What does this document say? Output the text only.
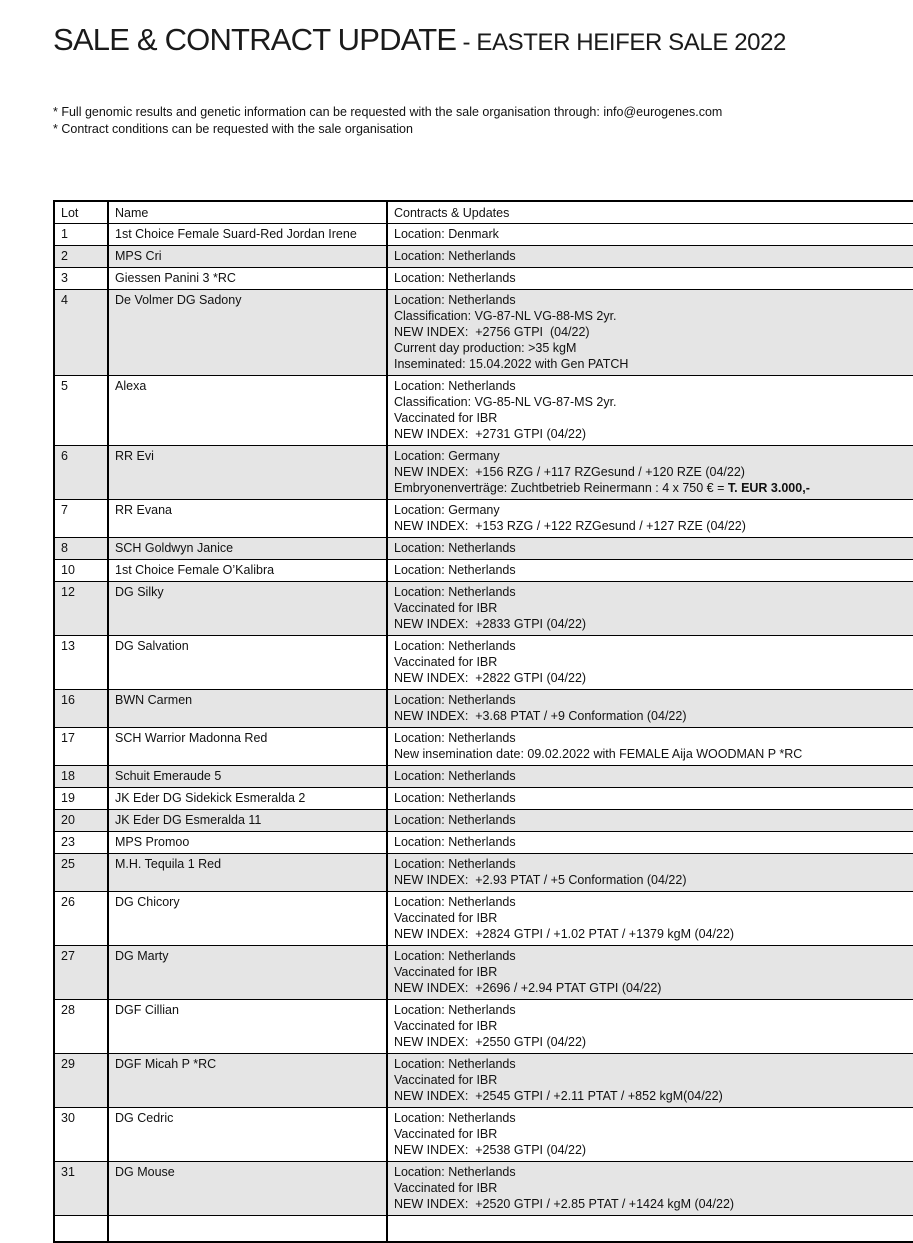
SALE & CONTRACT UPDATE - EASTER HEIFER SALE 2022
* Full genomic results and genetic information can be requested with the sale organisation through: info@eurogenes.com
* Contract conditions can be requested with the sale organisation
Lot	Name	Contracts & Updates
1	1st Choice Female Suard-Red Jordan Irene	Location: Denmark

2	MPS Cri	Location: Netherlands

3	Giessen Panini 3 *RC	Location: Netherlands

4	De Volmer DG Sadony	Location: Netherlands
Classification: VG-87-NL VG-88-MS 2yr.
NEW INDEX:  +2756 GTPI  (04/22)
Current day production: >35 kgM
Inseminated: 15.04.2022 with Gen PATCH

5	Alexa	Location: Netherlands
Classification: VG-85-NL VG-87-MS 2yr.
Vaccinated for IBR
NEW INDEX:  +2731 GTPI (04/22)

6	RR Evi	Location: Germany
NEW INDEX:  +156 RZG / +117 RZGesund / +120 RZE (04/22)
Embryonenverträge: Zuchtbetrieb Reinermann : 4 x 750 € = T. EUR 3.000,-

7	RR Evana	Location: Germany
NEW INDEX:  +153 RZG / +122 RZGesund / +127 RZE (04/22)

8	SCH Goldwyn Janice	Location: Netherlands

10	1st Choice Female O’Kalibra	Location: Netherlands

12	DG Silky	Location: Netherlands
Vaccinated for IBR
NEW INDEX:  +2833 GTPI (04/22)

13	DG Salvation	Location: Netherlands
Vaccinated for IBR
NEW INDEX:  +2822 GTPI (04/22)

16	BWN Carmen	Location: Netherlands
NEW INDEX:  +3.68 PTAT / +9 Conformation (04/22)

17	SCH Warrior Madonna Red	Location: Netherlands
New insemination date: 09.02.2022 with FEMALE Aija WOODMAN P *RC

18	Schuit Emeraude 5	Location: Netherlands

19	JK Eder DG Sidekick Esmeralda 2	Location: Netherlands

20	JK Eder DG Esmeralda 11	Location: Netherlands

23	MPS Promoo	Location: Netherlands

25	M.H. Tequila 1 Red	Location: Netherlands
NEW INDEX:  +2.93 PTAT / +5 Conformation (04/22)

26	DG Chicory	Location: Netherlands
Vaccinated for IBR
NEW INDEX:  +2824 GTPI / +1.02 PTAT / +1379 kgM (04/22)

27	DG Marty	Location: Netherlands
Vaccinated for IBR
NEW INDEX:  +2696 / +2.94 PTAT GTPI (04/22)

28	DGF Cillian	Location: Netherlands
Vaccinated for IBR
NEW INDEX:  +2550 GTPI (04/22)

29	DGF Micah P *RC	Location: Netherlands
Vaccinated for IBR
NEW INDEX:  +2545 GTPI / +2.11 PTAT / +852 kgM(04/22)

30	DG Cedric	Location: Netherlands
Vaccinated for IBR
NEW INDEX:  +2538 GTPI (04/22)

31	DG Mouse	Location: Netherlands
Vaccinated for IBR
NEW INDEX:  +2520 GTPI / +2.85 PTAT / +1424 kgM (04/22)
